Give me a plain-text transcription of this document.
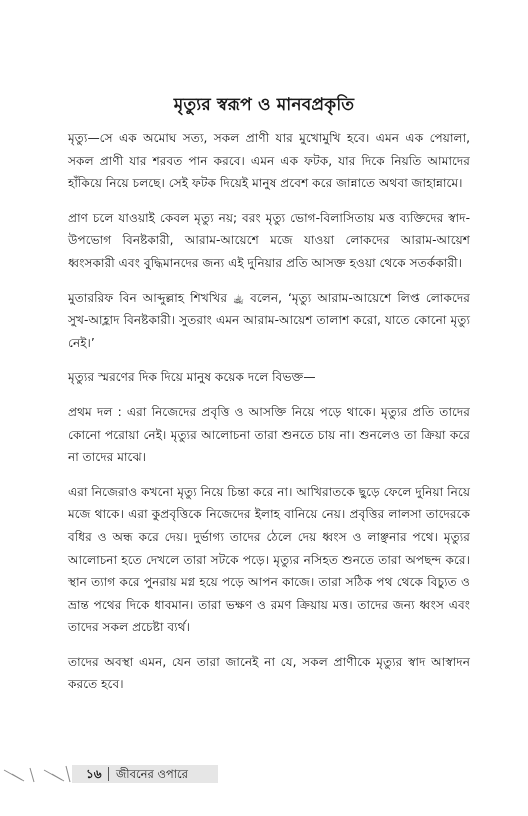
মৃত্যুর স্বরূপ ও মানবপ্রকৃতি

মৃত্যু—সে এক অমোঘ সত্য, সকল প্রাণী যার মুখোমুখি হবে। এমন এক পেয়ালা, সকল প্রাণী যার শরবত পান করবে। এমন এক ফটক, যার দিকে নিয়তি আমাদের হাঁকিয়ে নিয়ে চলছে। সেই ফটক দিয়েই মানুষ প্রবেশ করে জান্নাতে অথবা জাহান্নামে।

প্রাণ চলে যাওয়াই কেবল মৃত্যু নয়; বরং মৃত্যু ভোগ-বিলাসিতায় মত্ত ব্যক্তিদের স্বাদ-উপভোগ বিনষ্টকারী, আরাম-আয়েশে মজে যাওয়া লোকদের আরাম-আয়েশ ধ্বংসকারী এবং বুদ্ধিমানদের জন্য এই দুনিয়ার প্রতি আসক্ত হওয়া থেকে সতর্ককারী।

মুতাররিফ বিন আব্দুল্লাহ শিখখির ﵀ বলেন, ‘মৃত্যু আরাম-আয়েশে লিপ্ত লোকদের সুখ-আহ্লাদ বিনষ্টকারী। সুতরাং এমন আরাম-আয়েশ তালাশ করো, যাতে কোনো মৃত্যু নেই।’

মৃত্যুর স্মরণের দিক দিয়ে মানুষ কয়েক দলে বিভক্ত—

প্রথম দল : এরা নিজেদের প্রবৃত্তি ও আসক্তি নিয়ে পড়ে থাকে। মৃত্যুর প্রতি তাদের কোনো পরোয়া নেই। মৃত্যুর আলোচনা তারা শুনতে চায় না। শুনলেও তা ক্রিয়া করে না তাদের মাঝে।

এরা নিজেরাও কখনো মৃত্যু নিয়ে চিন্তা করে না। আখিরাতকে ছুড়ে ফেলে দুনিয়া নিয়ে মজে থাকে। এরা কুপ্রবৃত্তিকে নিজেদের ইলাহ বানিয়ে নেয়। প্রবৃত্তির লালসা তাদেরকে বধির ও অন্ধ করে দেয়। দুর্ভাগ্য তাদের ঠেলে দেয় ধ্বংস ও লাঞ্ছনার পথে। মৃত্যুর আলোচনা হতে দেখলে তারা সটকে পড়ে। মৃত্যুর নসিহত শুনতে তারা অপছন্দ করে। স্থান ত্যাগ করে পুনরায় মগ্ন হয়ে পড়ে আপন কাজে। তারা সঠিক পথ থেকে বিচ্যুত ও ভ্রান্ত পথের দিকে ধাবমান। তারা ভক্ষণ ও রমণ ক্রিয়ায় মত্ত। তাদের জন্য ধ্বংস এবং তাদের সকল প্রচেষ্টা ব্যর্থ।

তাদের অবস্থা এমন, যেন তারা জানেই না যে, সকল প্রাণীকে মৃত্যুর স্বাদ আস্বাদন করতে হবে।

১৬ জীবনের ওপারে
